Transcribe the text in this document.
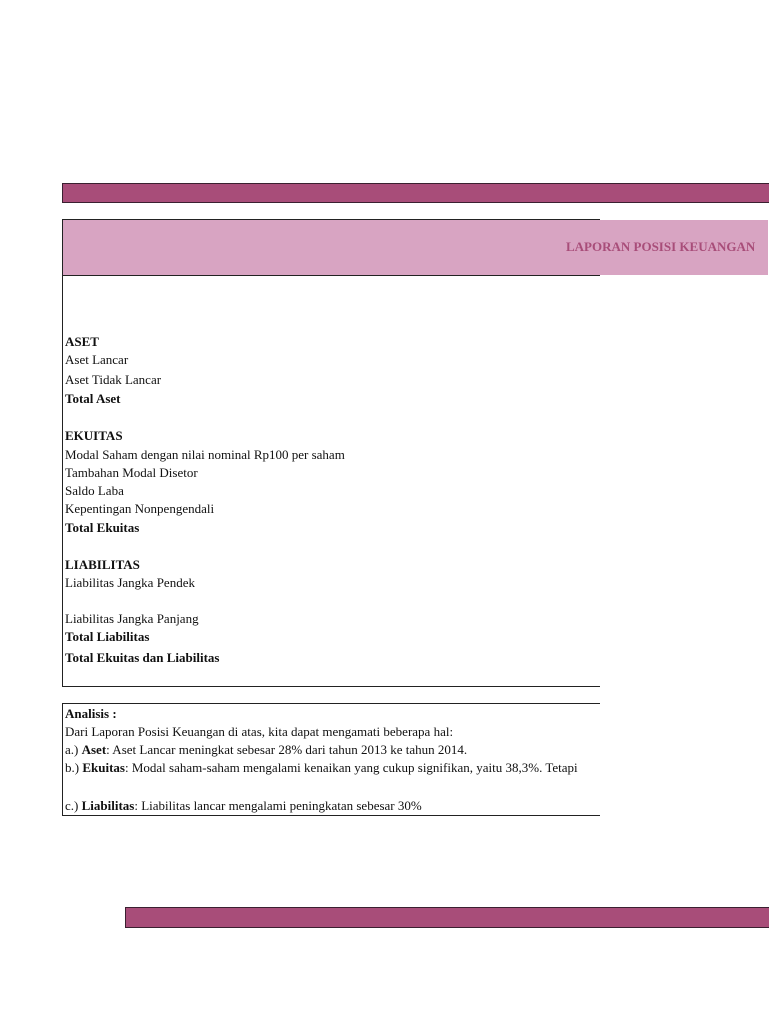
LAPORAN POSISI KEUANGAN
ASET
Aset Lancar
Aset Tidak Lancar
Total Aset
EKUITAS
Modal Saham dengan nilai nominal Rp100 per saham
Tambahan Modal Disetor
Saldo Laba
Kepentingan Nonpengendali
Total Ekuitas
LIABILITAS
Liabilitas Jangka Pendek
Liabilitas Jangka Panjang
Total Liabilitas
Total Ekuitas dan Liabilitas
Analisis :
Dari Laporan Posisi Keuangan di atas, kita dapat mengamati beberapa hal:
a.) Aset: Aset Lancar meningkat sebesar 28% dari tahun 2013 ke tahun 2014.
b.) Ekuitas: Modal saham-saham mengalami kenaikan yang cukup signifikan, yaitu 38,3%. Tetapi
c.) Liabilitas: Liabilitas lancar mengalami peningkatan sebesar 30%
